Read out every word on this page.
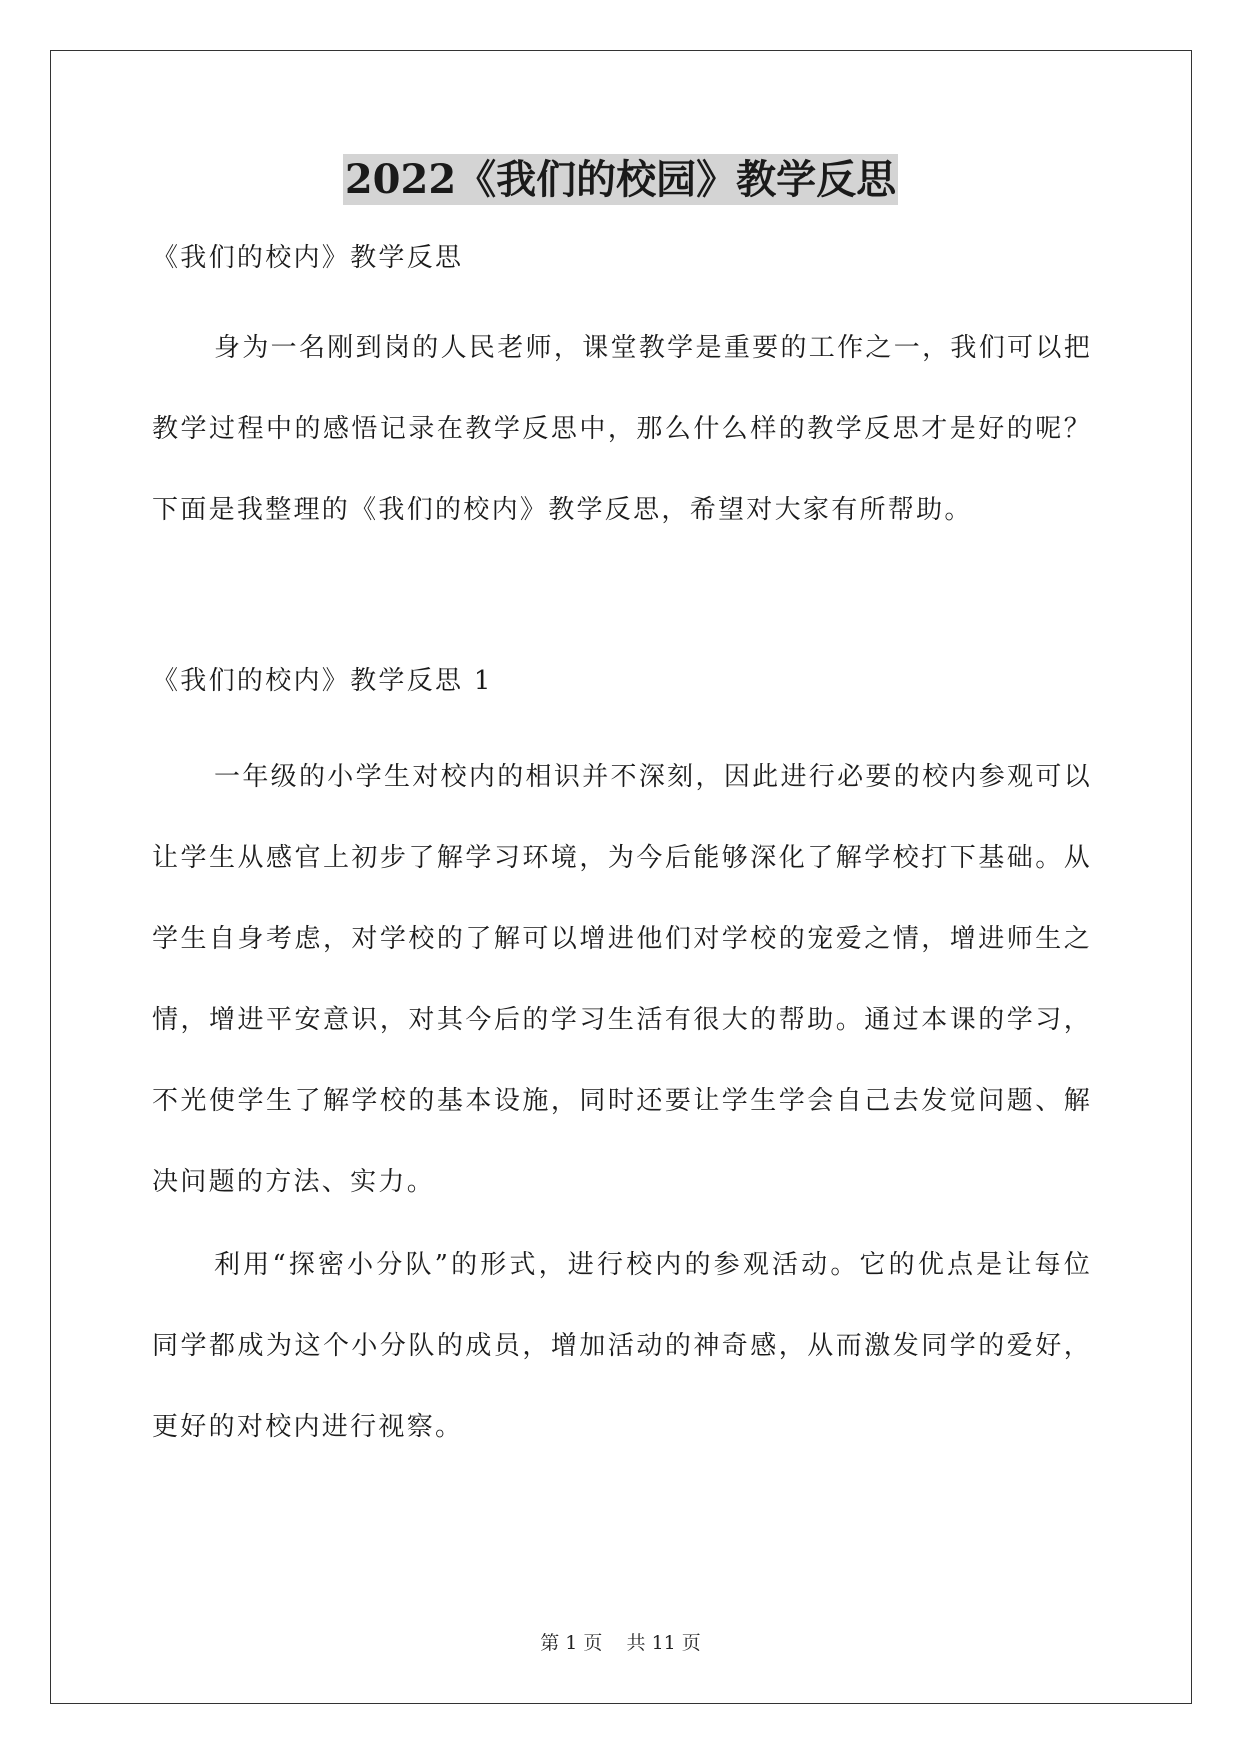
2022《我们的校园》教学反思

《我们的校内》教学反思

身为一名刚到岗的人民老师，课堂教学是重要的工作之一，我们可以把教学过程中的感悟记录在教学反思中，那么什么样的教学反思才是好的呢？下面是我整理的《我们的校内》教学反思，希望对大家有所帮助。

《我们的校内》教学反思 1

一年级的小学生对校内的相识并不深刻，因此进行必要的校内参观可以让学生从感官上初步了解学习环境，为今后能够深化了解学校打下基础。从学生自身考虑，对学校的了解可以增进他们对学校的宠爱之情，增进师生之情，增进平安意识，对其今后的学习生活有很大的帮助。通过本课的学习，不光使学生了解学校的基本设施，同时还要让学生学会自己去发觉问题、解决问题的方法、实力。

利用“探密小分队”的形式，进行校内的参观活动。它的优点是让每位同学都成为这个小分队的成员，增加活动的神奇感，从而激发同学的爱好，更好的对校内进行视察。

第 1 页    共 11 页
